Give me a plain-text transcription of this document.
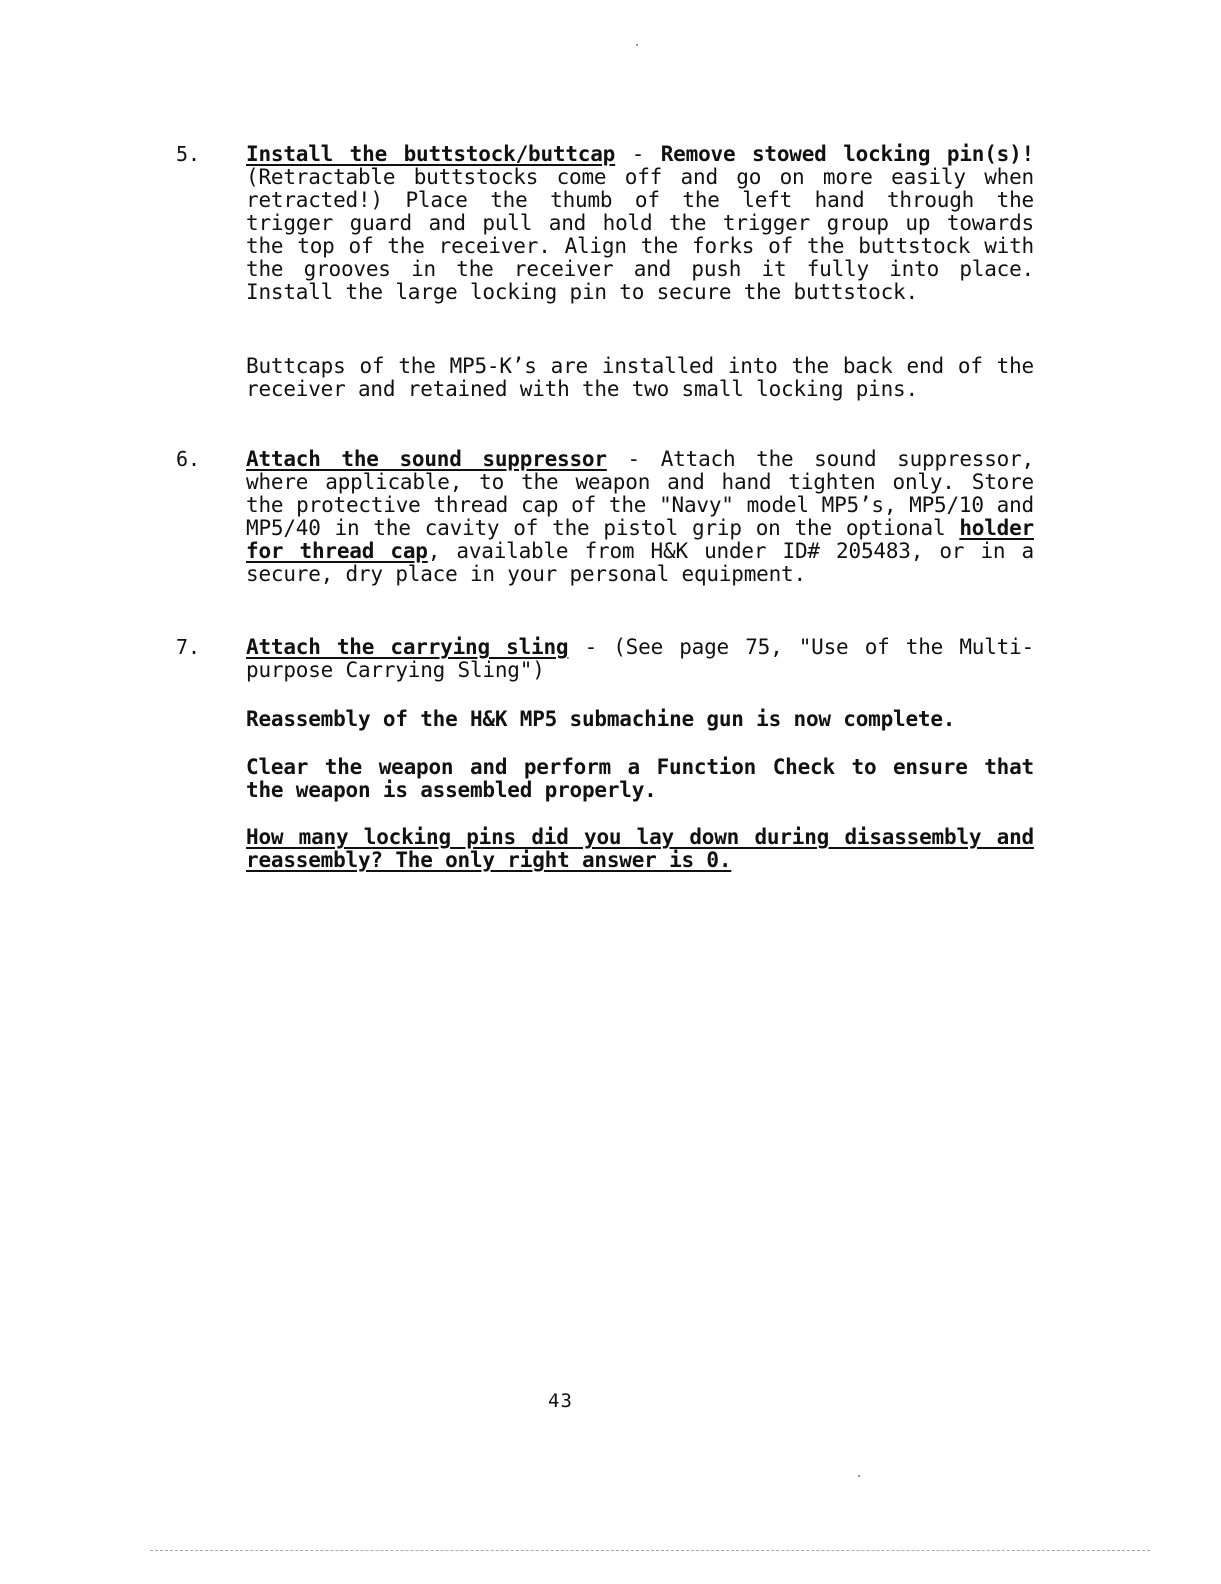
5.	Install the buttstock/buttcap - Remove stowed locking pin(s)! (Retractable buttstocks come off and go on more easily when retracted!) Place the thumb of the left hand through the trigger guard and pull and hold the trigger group up towards the top of the receiver. Align the forks of the buttstock with the grooves in the receiver and push it fully into place. Install the large locking pin to secure the buttstock.
Buttcaps of the MP5-K’s are installed into the back end of the receiver and retained with the two small locking pins.
6.	Attach the sound suppressor - Attach the sound suppressor, where applicable, to the weapon and hand tighten only. Store the protective thread cap of the "Navy" model MP5’s, MP5/10 and MP5/40 in the cavity of the pistol grip on the optional holder for thread cap, available from H&K under ID# 205483, or in a secure, dry place in your personal equipment.
7.	Attach the carrying sling - (See page 75, "Use of the Multi-purpose Carrying Sling")
Reassembly of the H&K MP5 submachine gun is now complete.
Clear the weapon and perform a Function Check to ensure that the weapon is assembled properly.
How many locking pins did you lay down during disassembly and reassembly? The only right answer is 0.
43
